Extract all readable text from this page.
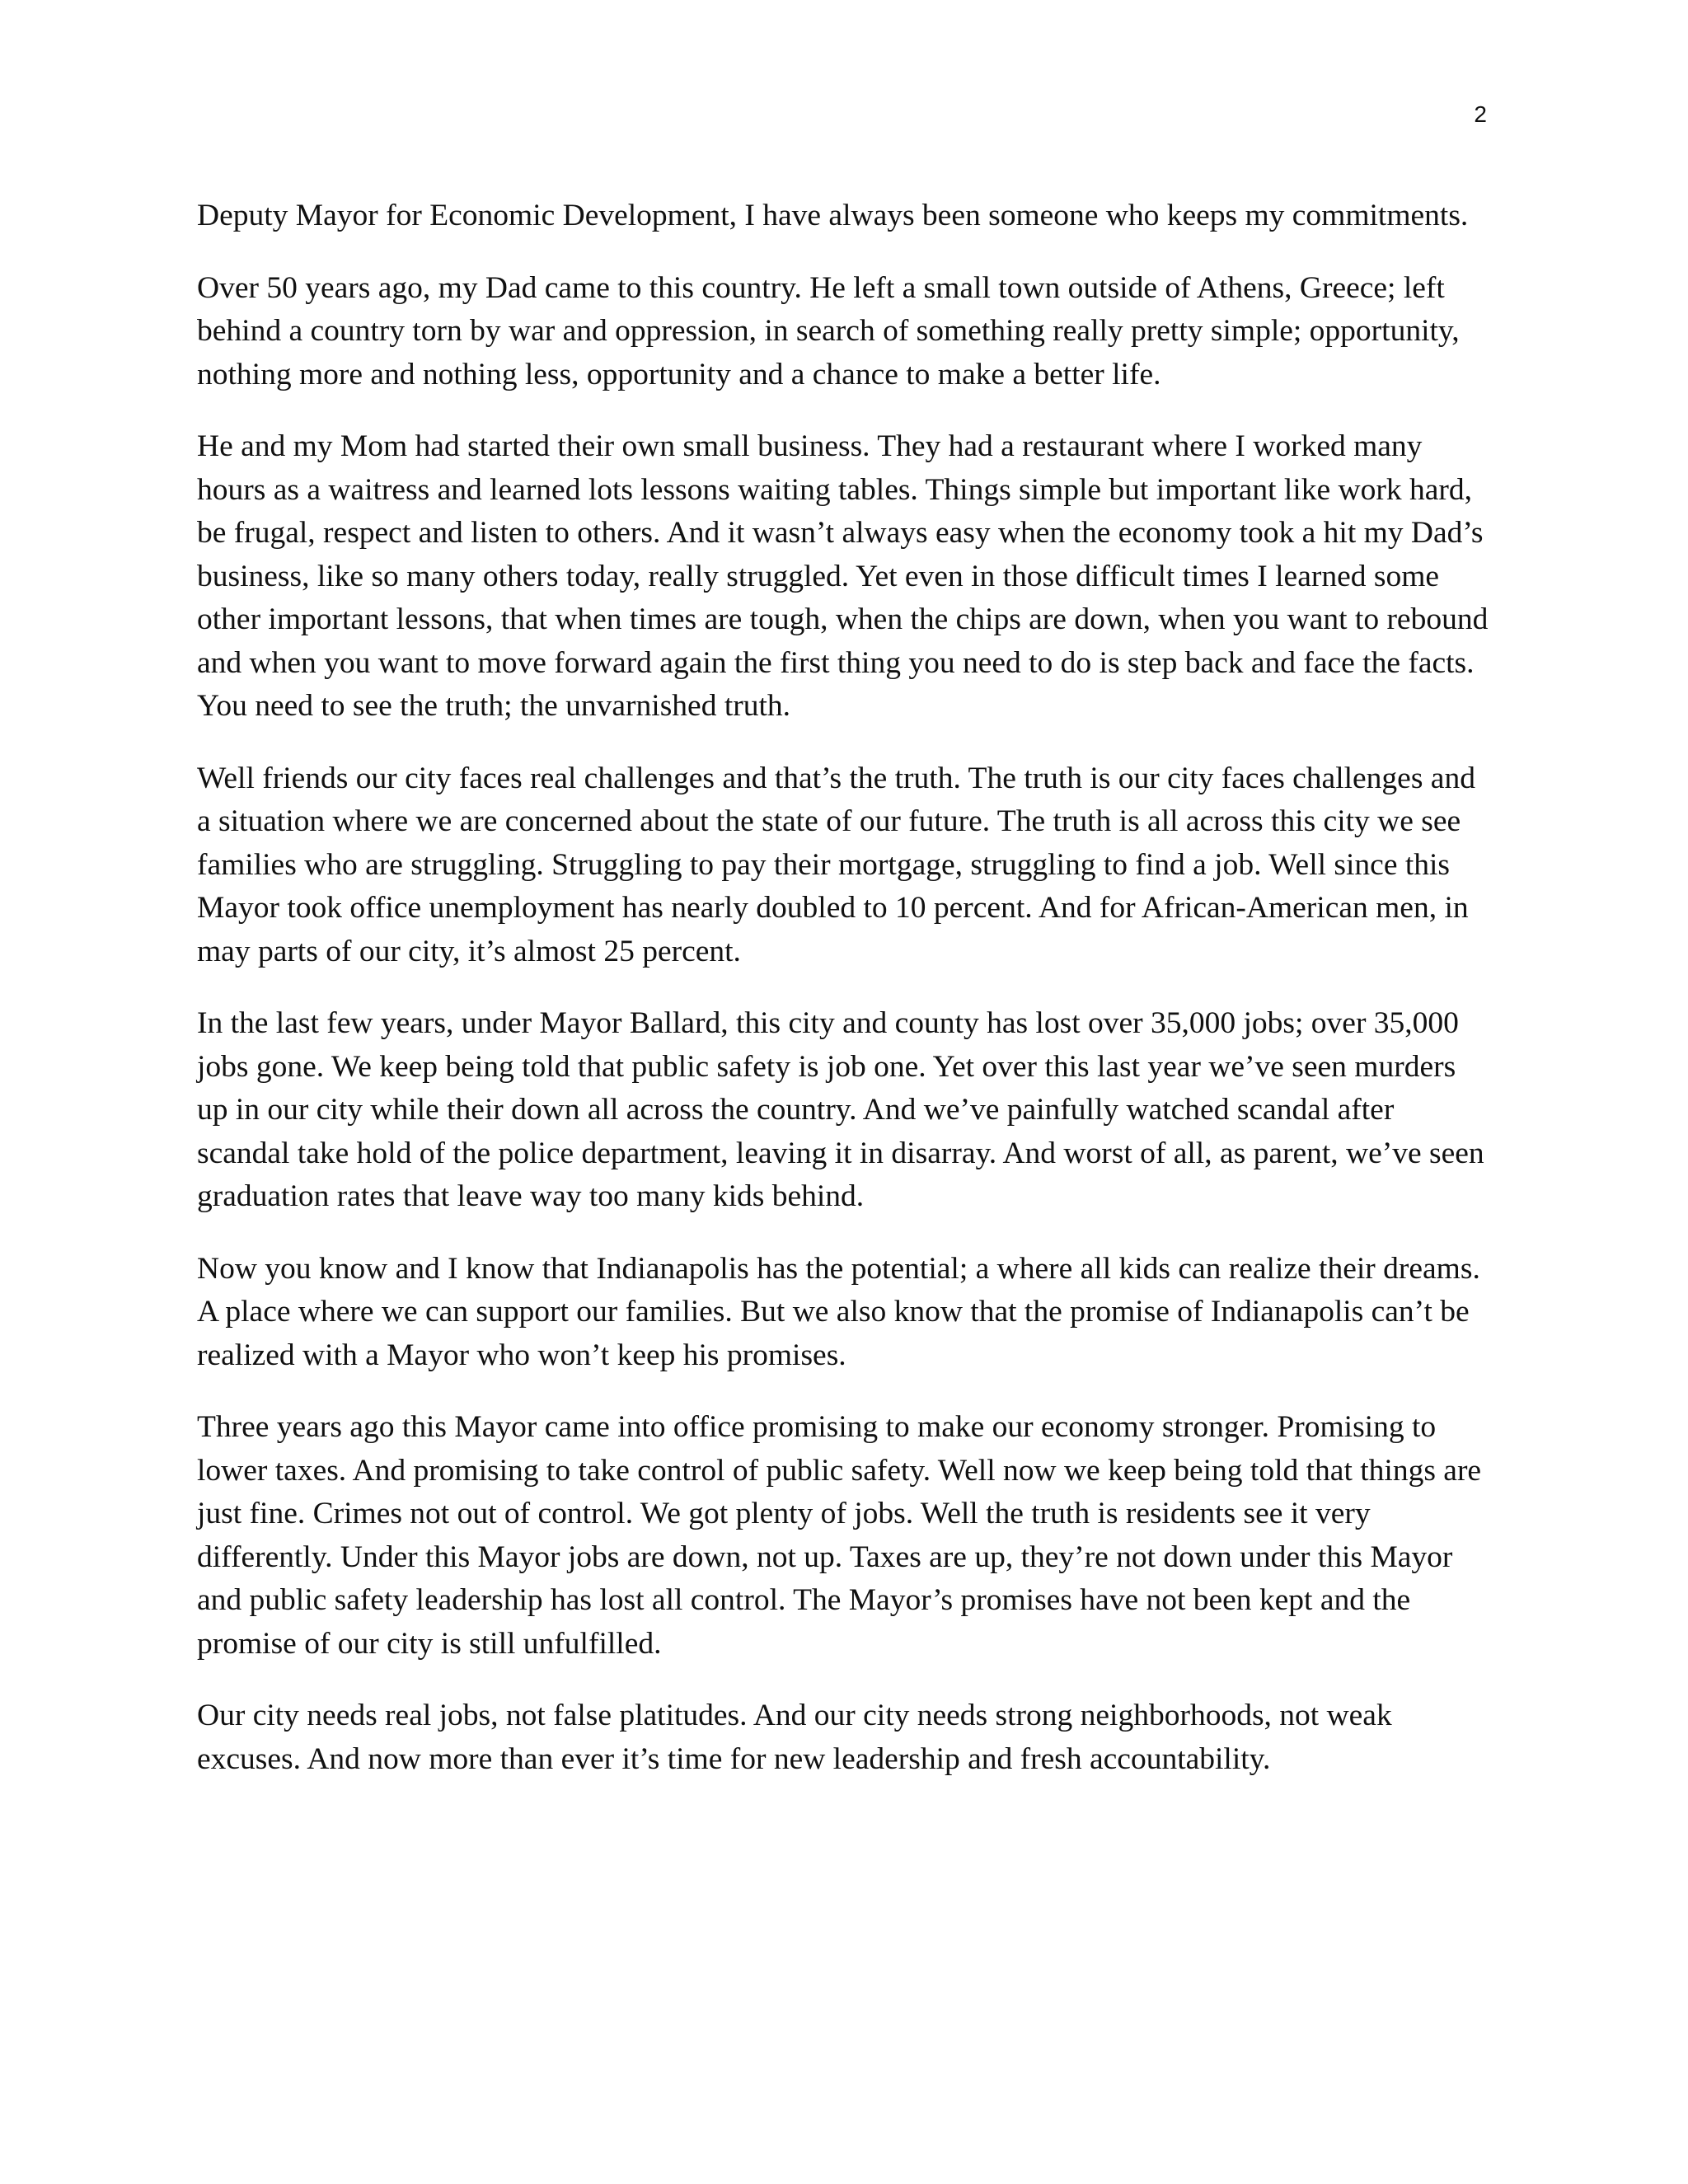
2

Deputy Mayor for Economic Development, I have always been someone who keeps my commitments.

Over 50 years ago, my Dad came to this country. He left a small town outside of Athens, Greece; left behind a country torn by war and oppression, in search of something really pretty simple; opportunity, nothing more and nothing less, opportunity and a chance to make a better life.

He and my Mom had started their own small business. They had a restaurant where I worked many hours as a waitress and learned lots lessons waiting tables. Things simple but important like work hard, be frugal, respect and listen to others. And it wasn’t always easy when the economy took a hit my Dad’s business, like so many others today, really struggled. Yet even in those difficult times I learned some other important lessons, that when times are tough, when the chips are down, when you want to rebound and when you want to move forward again the first thing you need to do is step back and face the facts. You need to see the truth; the unvarnished truth.

Well friends our city faces real challenges and that’s the truth. The truth is our city faces challenges and a situation where we are concerned about the state of our future. The truth is all across this city we see families who are struggling. Struggling to pay their mortgage, struggling to find a job. Well since this Mayor took office unemployment has nearly doubled to 10 percent. And for African-American men, in may parts of our city, it’s almost 25 percent.

In the last few years, under Mayor Ballard, this city and county has lost over 35,000 jobs; over 35,000 jobs gone. We keep being told that public safety is job one. Yet over this last year we’ve seen murders up in our city while their down all across the country. And we’ve painfully watched scandal after scandal take hold of the police department, leaving it in disarray. And worst of all, as parent, we’ve seen graduation rates that leave way too many kids behind.

Now you know and I know that Indianapolis has the potential; a where all kids can realize their dreams. A place where we can support our families. But we also know that the promise of Indianapolis can’t be realized with a Mayor who won’t keep his promises.

Three years ago this Mayor came into office promising to make our economy stronger. Promising to lower taxes. And promising to take control of public safety. Well now we keep being told that things are just fine. Crimes not out of control. We got plenty of jobs. Well the truth is residents see it very differently. Under this Mayor jobs are down, not up. Taxes are up, they’re not down under this Mayor and public safety leadership has lost all control. The Mayor’s promises have not been kept and the promise of our city is still unfulfilled.

Our city needs real jobs, not false platitudes. And our city needs strong neighborhoods, not weak excuses. And now more than ever it’s time for new leadership and fresh accountability.
